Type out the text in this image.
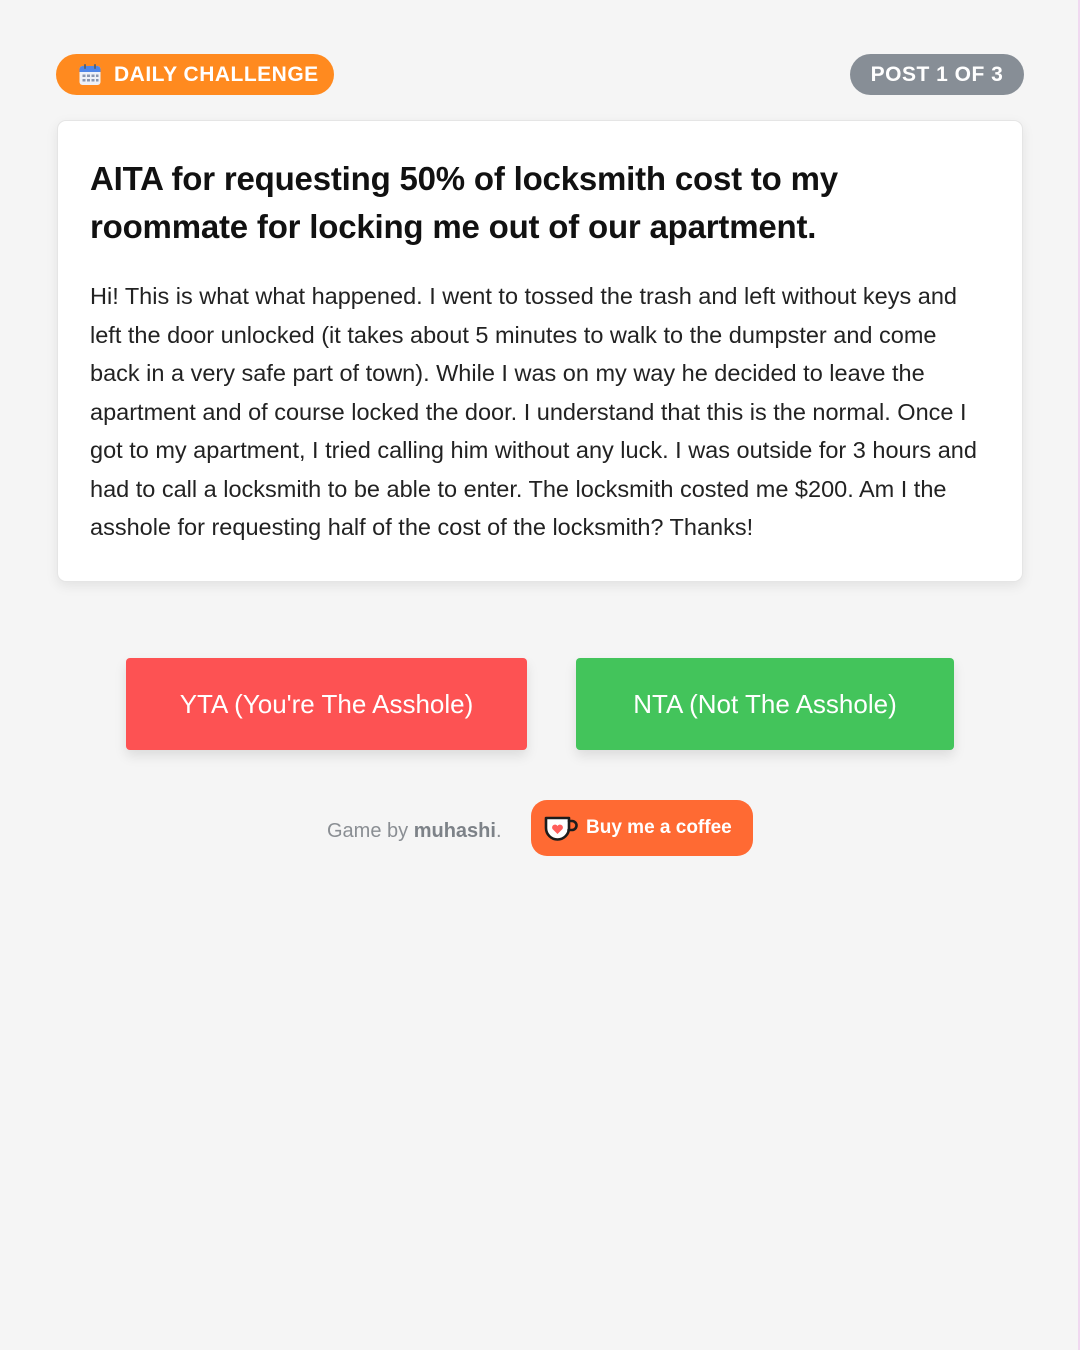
DAILY CHALLENGE	POST 1 OF 3
AITA for requesting 50% of locksmith cost to my roommate for locking me out of our apartment.

Hi! This is what what happened. I went to tossed the trash and left without keys and left the door unlocked (it takes about 5 minutes to walk to the dumpster and come back in a very safe part of town). While I was on my way he decided to leave the apartment and of course locked the door. I understand that this is the normal. Once I got to my apartment, I tried calling him without any luck. I was outside for 3 hours and had to call a locksmith to be able to enter. The locksmith costed me $200. Am I the asshole for requesting half of the cost of the locksmith? Thanks!

YTA (You're The Asshole)	NTA (Not The Asshole)
Game by muhashi.	Buy me a coffee
